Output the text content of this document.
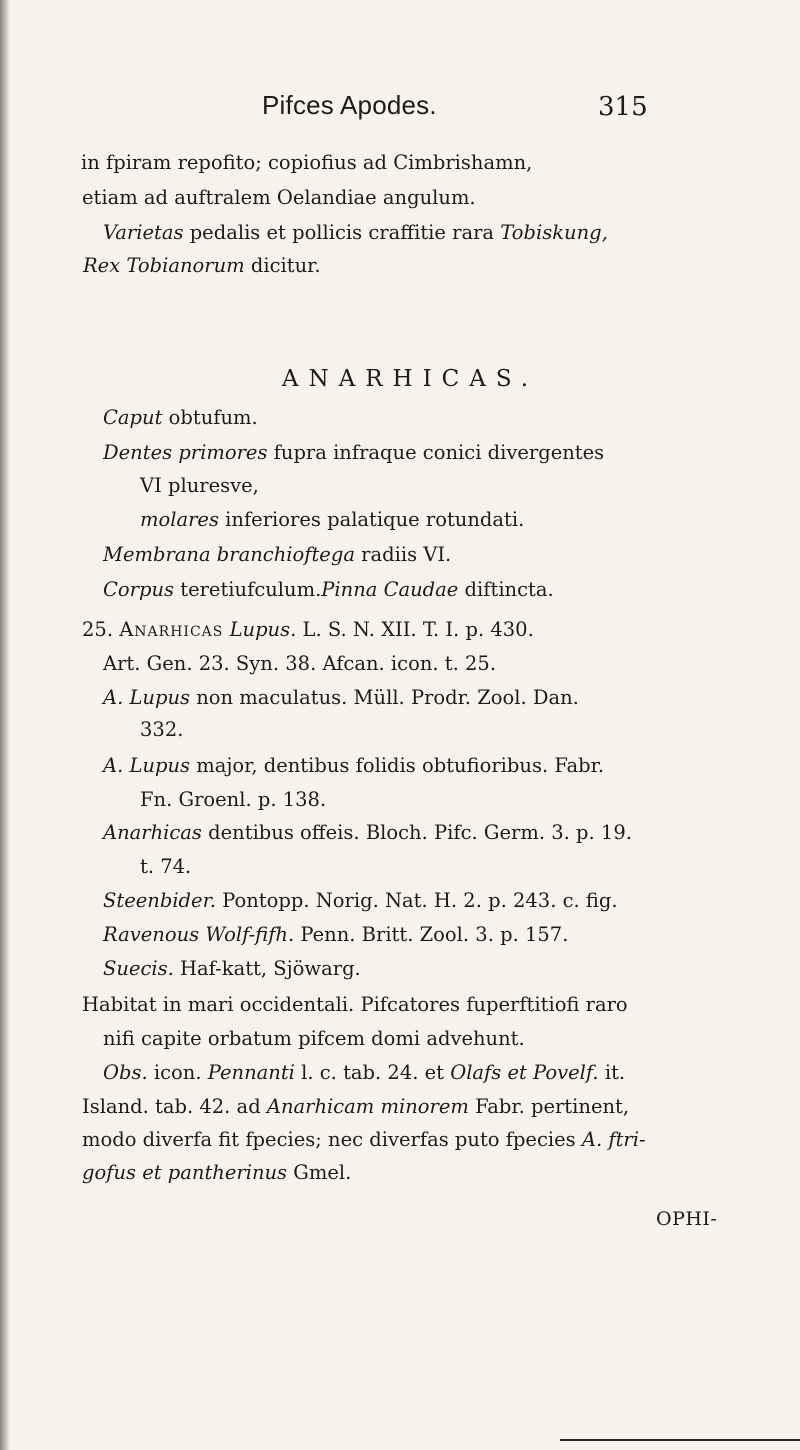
Pifces Apodes.	315
in fpiram repofito; copiofius ad Cimbrishamn,
etiam ad auftralem Oelandiae angulum.
Varietas pedalis et pollicis craffitie rara Tobiskung,
Rex Tobianorum dicitur.
ANARHICAS.
Caput obtufum.
Dentes primores fupra infraque conici divergentes
VI pluresve,
molares inferiores palatique rotundati.
Membrana branchioftega radiis VI.
Corpus teretiufculum.Pinna Caudae diftincta.
25. Anarhicas Lupus. L. S. N. XII. T. I. p. 430.
Art. Gen. 23. Syn. 38. Afcan. icon. t. 25.
A. Lupus non maculatus. Müll. Prodr. Zool. Dan.
332.
A. Lupus major, dentibus folidis obtufioribus. Fabr.
Fn. Groenl. p. 138.
Anarhicas dentibus offeis. Bloch. Pifc. Germ. 3. p. 19.
t. 74.
Steenbider. Pontopp. Norig. Nat. H. 2. p. 243. c. fig.
Ravenous Wolf-fifh. Penn. Britt. Zool. 3. p. 157.
Suecis. Haf-katt, Sjöwarg.
Habitat in mari occidentali. Pifcatores fuperftitiofi raro
nifi capite orbatum pifcem domi advehunt.
Obs. icon. Pennanti l. c. tab. 24. et Olafs et Povelf. it.
Island. tab. 42. ad Anarhicam minorem Fabr. pertinent,
modo diverfa fit fpecies; nec diverfas puto fpecies A. ftri-
gofus et pantherinus Gmel.
OPHI-
